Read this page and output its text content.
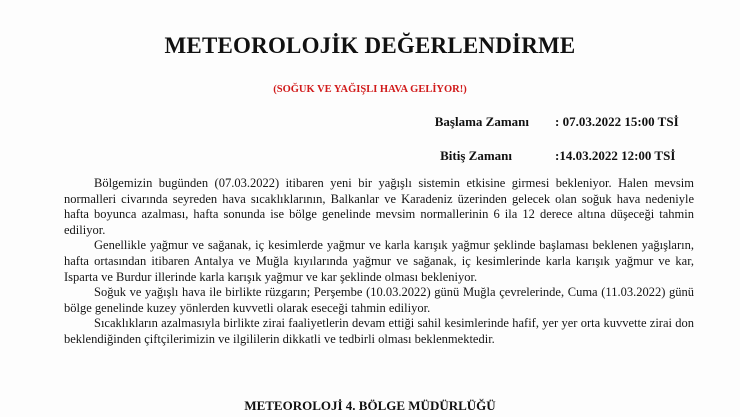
METEOROLOJİK DEĞERLENDİRME
(SOĞUK VE YAĞIŞLI HAVA GELİYOR!)
Başlama Zamanı : 07.03.2022 15:00 TSİ
Bitiş Zamanı	:14.03.2022 12:00 TSİ

Bölgemizin bugünden (07.03.2022) itibaren yeni bir yağışlı sistemin etkisine girmesi bekleniyor. Halen mevsim normalleri civarında seyreden hava sıcaklıklarının, Balkanlar ve Karadeniz üzerinden gelecek olan soğuk hava nedeniyle hafta boyunca azalması, hafta sonunda ise bölge genelinde mevsim normallerinin 6 ila 12 derece altına düşeceği tahmin ediliyor.

Genellikle yağmur ve sağanak, iç kesimlerde yağmur ve karla karışık yağmur şeklinde başlaması beklenen yağışların, hafta ortasından itibaren Antalya ve Muğla kıyılarında yağmur ve sağanak, iç kesimlerinde karla karışık yağmur ve kar, Isparta ve Burdur illerinde karla karışık yağmur ve kar şeklinde olması bekleniyor.

Soğuk ve yağışlı hava ile birlikte rüzgarın; Perşembe (10.03.2022) günü Muğla çevrelerinde, Cuma (11.03.2022) günü bölge genelinde kuzey yönlerden kuvvetli olarak eseceği tahmin ediliyor.

Sıcaklıkların azalmasıyla birlikte zirai faaliyetlerin devam ettiği sahil kesimlerinde hafif, yer yer orta kuvvette zirai don beklendiğinden çiftçilerimizin ve ilgililerin dikkatli ve tedbirli olması beklenmektedir.

METEOROLOJİ 4. BÖLGE MÜDÜRLÜĞÜ
